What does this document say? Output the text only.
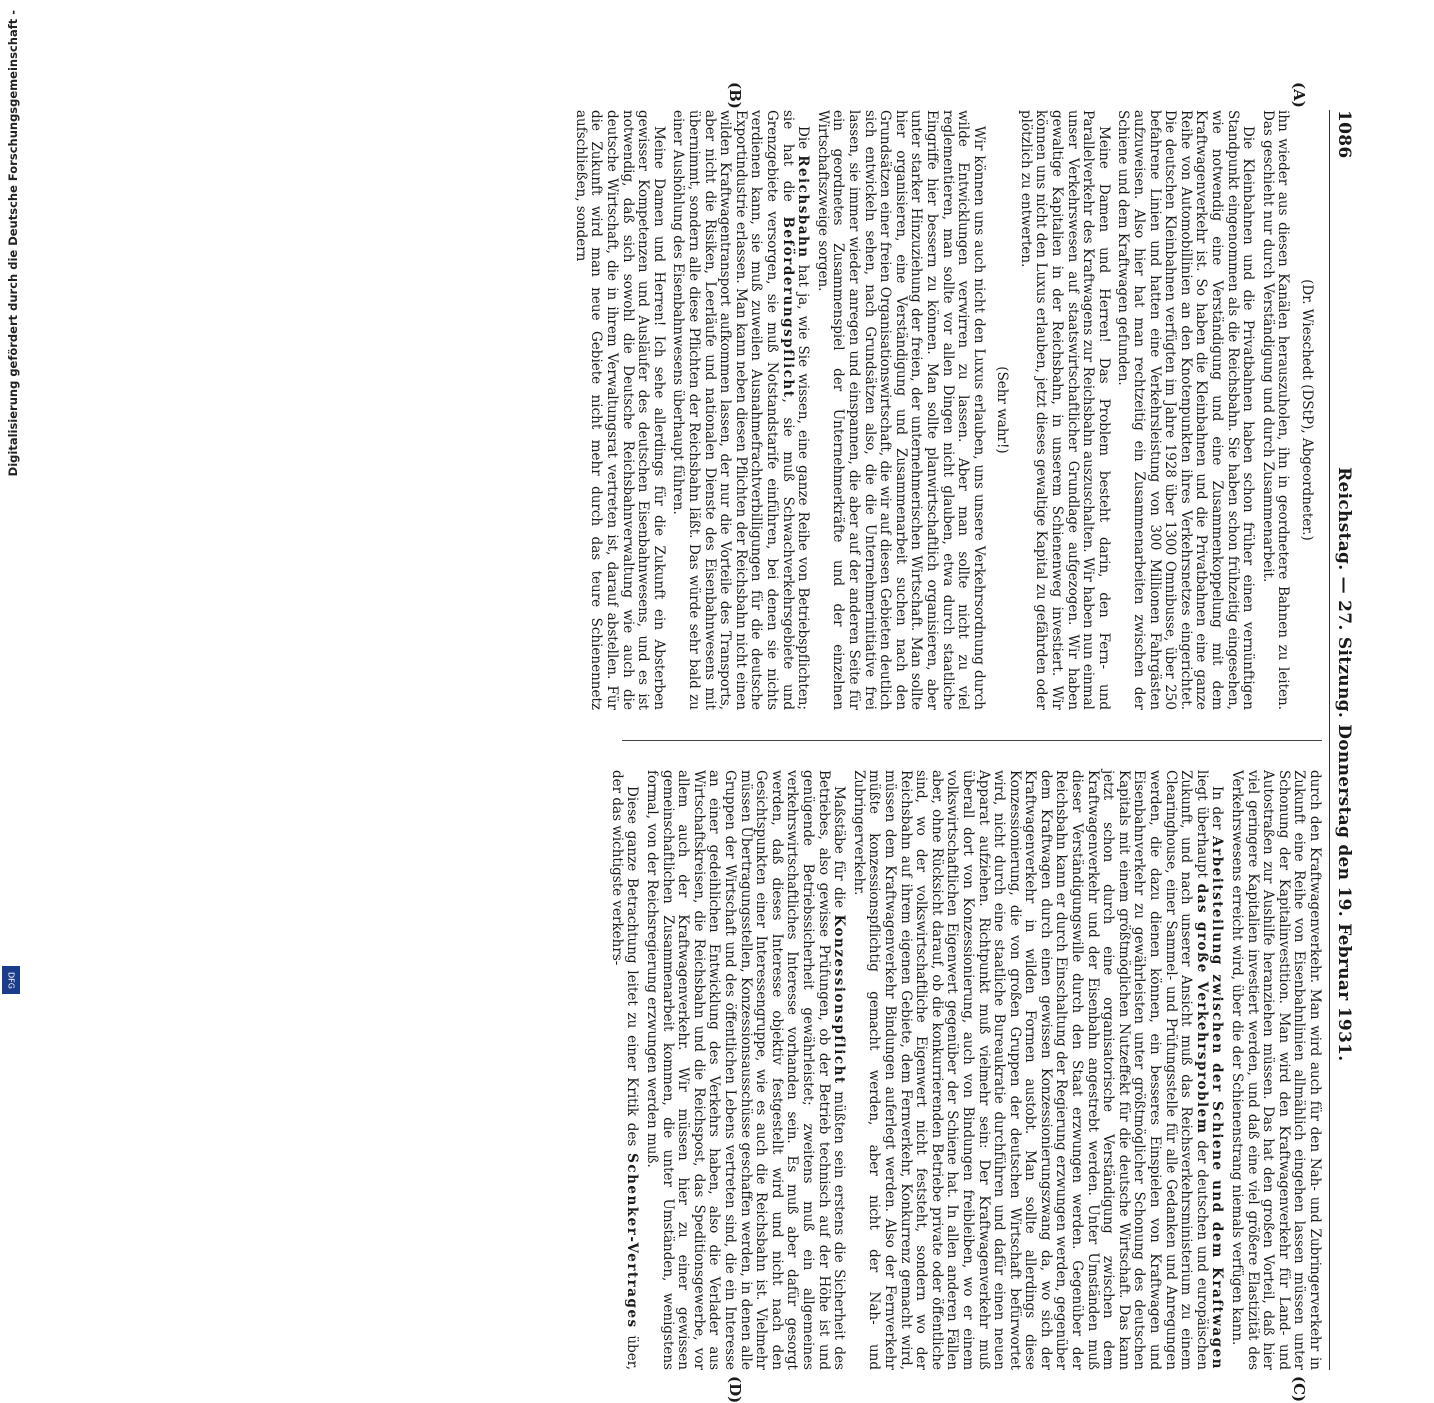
1086
Reichstag. — 27. Sitzung. Donnerstag den 19. Februar 1931.
(A)
(B)
(C)
(D)

(Dr. Wieschedt (DStP), Abgeordneter.)

ihn wieder aus diesen Kanälen herauszuholen, ihn in geordnetere Bahnen zu leiten. Das geschieht nur durch Verständigung und durch Zusammenarbeit.

Die Kleinbahnen und die Privatbahnen haben schon früher einen vernünftigen Standpunkt eingenommen als die Reichsbahn. Sie haben schon frühzeitig eingesehen, wie notwendig eine Verständigung und eine Zusammenkoppelung mit dem Kraftwagenverkehr ist. So haben die Kleinbahnen und die Privatbahnen eine ganze Reihe von Automobillinien an den Knotenpunkten ihres Verkehrsnetzes eingerichtet. Die deutschen Kleinbahnen verfügten im Jahre 1928 über 1300 Omnibusse, über 250 befahrene Linien und hatten eine Verkehrsleistung von 300 Millionen Fahrgästen aufzuweisen. Also hier hat man rechtzeitig ein Zusammenarbeiten zwischen der Schiene und dem Kraftwagen gefunden.

Meine Damen und Herren! Das Problem besteht darin, den Fern- und Parallelverkehr des Kraftwagens zur Reichsbahn auszuschalten. Wir haben nun einmal unser Verkehrswesen auf staatswirtschaftlicher Grundlage aufgezogen. Wir haben gewaltige Kapitalien in der Reichsbahn, in unserem Schienenweg investiert. Wir können uns nicht den Luxus erlauben, jetzt dieses gewaltige Kapital zu gefährden oder plötzlich zu entwerten.

(Sehr wahr!)

Wir können uns auch nicht den Luxus erlauben, uns unsere Verkehrsordnung durch wilde Entwicklungen verwirren zu lassen. Aber man sollte nicht zu viel reglementieren, man sollte vor allen Dingen nicht glauben, etwa durch staatliche Eingriffe hier bessern zu können. Man sollte planwirtschaftlich organisieren, aber unter starker Hinzuziehung der freien, der unternehmerischen Wirtschaft. Man sollte hier organisieren, eine Verständigung und Zusammenarbeit suchen nach den Grundsätzen einer freien Organisationswirtschaft, die wir auf diesen Gebieten deutlich sich entwickeln sehen, nach Grundsätzen also, die die Unternehmerinitiative frei lassen, sie immer wieder anregen und einspannen, die aber auf der anderen Seite für ein geordnetes Zusammenspiel der Unternehmerkräfte und der einzelnen Wirtschaftszweige sorgen.

Die Reichsbahn hat ja, wie Sie wissen, eine ganze Reihe von Betriebspflichten; sie hat die Beförderungspflicht, sie muß Schwachverkehrsgebiete und Grenzgebiete versorgen, sie muß Notstandstarife einführen, bei denen sie nichts verdienen kann, sie muß zuweilen Ausnahmefrachtverbilligungen für die deutsche Exportindustrie erlassen. Man kann neben diesen Pflichten der Reichsbahn nicht einen wilden Kraftwagentransport aufkommen lassen, der nur die Vorteile des Transports, aber nicht die Risiken, Leerläufe und nationalen Dienste des Eisenbahnwesens mit übernimmt, sondern alle diese Pflichten der Reichsbahn läßt. Das würde sehr bald zu einer Aushöhlung des Eisenbahnwesens überhaupt führen.

Meine Damen und Herren! Ich sehe allerdings für die Zukunft ein Absterben gewisser Kompetenzen und Ausläufer des deutschen Eisenbahnwesens, und es ist notwendig, daß sich sowohl die Deutsche Reichsbahnverwaltung wie auch die deutsche Wirtschaft, die in ihrem Verwaltungsrat vertreten ist, darauf abstellen. Für die Zukunft wird man neue Gebiete nicht mehr durch das teure Schienennetz aufschließen, sondern

durch den Kraftwagenverkehr. Man wird auch für den Nah- und Zubringerverkehr in Zukunft eine Reihe von Eisenbahnlinien allmählich eingehen lassen müssen unter Schonung der Kapitalinvestition. Man wird den Kraftwagenverkehr für Land- und Autostraßen zur Aushilfe heranziehen müssen. Das hat den großen Vorteil, daß hier viel geringere Kapitalien investiert werden, und daß eine viel größere Elastizität des Verkehrswesens erreicht wird, über die der Schienenstrang niemals verfügen kann.

In der Arbeitsteilung zwischen der Schiene und dem Kraftwagen liegt überhaupt das große Verkehrsproblem der deutschen und europäischen Zukunft, und nach unserer Ansicht muß das Reichsverkehrsministerium zu einem Clearinghouse, einer Sammel- und Prüfungsstelle für alle Gedanken und Anregungen werden, die dazu dienen können, ein besseres Einspielen von Kraftwagen und Eisenbahnverkehr zu gewährleisten unter größtmöglicher Schonung des deutschen Kapitals mit einem größtmöglichen Nutzeffekt für die deutsche Wirtschaft. Das kann jetzt schon durch eine organisatorische Verständigung zwischen dem Kraftwagenverkehr und der Eisenbahn angestrebt werden. Unter Umständen muß dieser Verständigungswille durch den Staat erzwungen werden. Gegenüber der Reichsbahn kann er durch Einschaltung der Regierung erzwungen werden, gegenüber dem Kraftwagen durch einen gewissen Konzessionierungszwang da, wo sich der Kraftwagenverkehr in wilden Formen austobt. Man sollte allerdings diese Konzessionierung, die von großen Gruppen der deutschen Wirtschaft befürwortet wird, nicht durch eine staatliche Bureaukratie durchführen und dafür einen neuen Apparat aufziehen. Richtpunkt muß vielmehr sein: Der Kraftwagenverkehr muß überall dort von Konzessionierung, auch von Bindungen freibleiben, wo er einem volkswirtschaftlichen Eigenwert gegenüber der Schiene hat. In allen anderen Fällen aber, ohne Rücksicht darauf, ob die konkurrierenden Betriebe private oder öffentliche sind, wo der volkswirtschaftliche Eigenwert nicht feststeht, sondern wo der Reichsbahn auf ihrem eigenen Gebiete, dem Fernverkehr, Konkurrenz gemacht wird, müssen dem Kraftwagenverkehr Bindungen auferlegt werden. Also der Fernverkehr müßte konzessionspflichtig gemacht werden, aber nicht der Nah- und Zubringerverkehr.

Maßstäbe für die Konzessionspflicht müßten sein erstens die Sicherheit des Betriebes, also gewisse Prüfungen, ob der Betrieb technisch auf der Höhe ist und genügende Betriebssicherheit gewährleistet; zweitens muß ein allgemeines verkehrswirtschaftliches Interesse vorhanden sein. Es muß aber dafür gesorgt werden, daß dieses Interesse objektiv festgestellt wird und nicht nach den Gesichtspunkten einer Interessengruppe, wie es auch die Reichsbahn ist. Vielmehr müssen Übertragungsstellen, Konzessionsausschüsse geschaffen werden, in denen alle Gruppen der Wirtschaft und des öffentlichen Lebens vertreten sind, die ein Interesse an einer gedeihlichen Entwicklung des Verkehrs haben, also die Verlader aus Wirtschaftskreisen, die Reichsbahn und die Reichspost, das Speditionsgewerbe, vor allem auch der Kraftwagenverkehr. Wir müssen hier zu einer gewissen gemeinschaftlichen Zusammenarbeit kommen, die unter Umständen, wenigstens formal, von der Reichsregierung erzwungen werden muß.

Diese ganze Betrachtung leitet zu einer Kritik des Schenker-Vertrages über, der das wichtigste verkehrs-

Digitalisierung gefördert durch die Deutsche Forschungsgemeinschaft -
DFG
